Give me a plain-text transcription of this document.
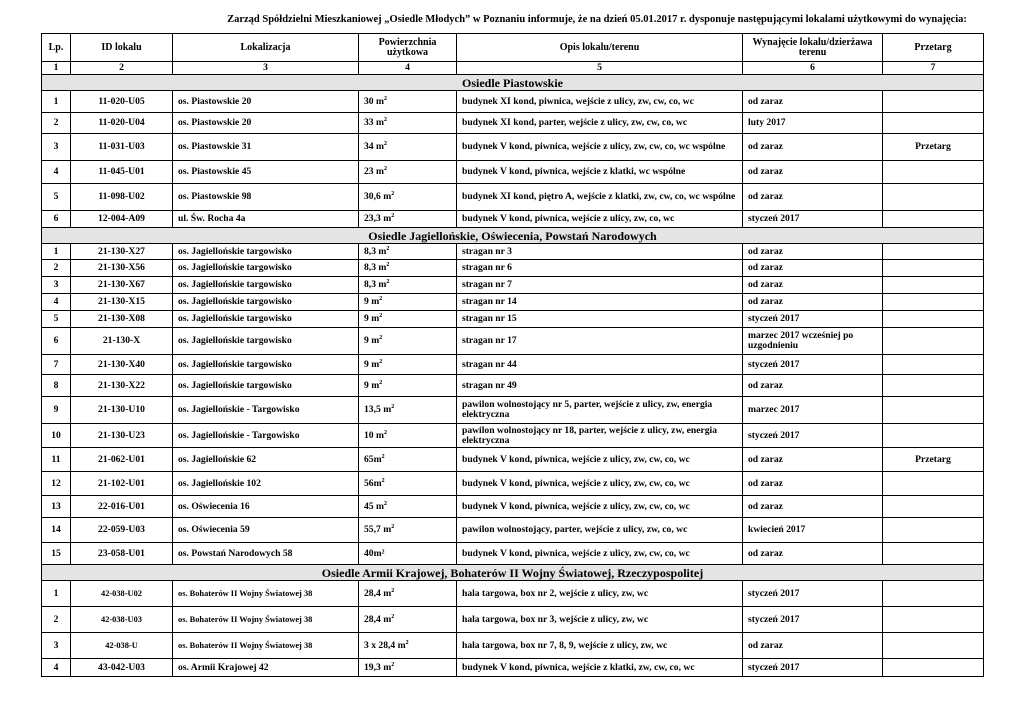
Zarząd Spółdzielni Mieszkaniowej „Osiedle Młodych” w Poznaniu informuje, że na dzień 05.01.2017 r. dysponuje następującymi lokalami użytkowymi do wynajęcia:
Lp.	ID lokalu	Lokalizacja	Powierzchnia użytkowa	Opis lokalu/terenu	Wynajęcie lokalu/dzierżawa terenu	Przetarg
1	2	3	4	5	6	7
Osiedle Piastowskie						
1	11-020-U05	os. Piastowskie 20	30 $m^2$	budynek XI kond, piwnica, wejście z ulicy, zw, cw, co, wc	od zaraz	
2	11-020-U04	os. Piastowskie 20	33 $m^2$	budynek XI kond, parter, wejście z ulicy, zw, cw, co, wc	luty 2017	
3	11-031-U03	os. Piastowskie 31	34 $m^2$	budynek V kond, piwnica, wejście z ulicy, zw, cw, co, wc wspólne	od zaraz	Przetarg
4	11-045-U01	os. Piastowskie 45	23 $m^2$	budynek V kond, piwnica, wejście z klatki, wc wspólne	od zaraz	
5	11-098-U02	os. Piastowskie 98	30,6 $m^2$	budynek XI kond, piętro A, wejście z klatki, zw, cw, co, wc wspólne	od zaraz	
6	12-004-A09	ul. Św. Rocha 4a	23,3 $m^2$	budynek V kond, piwnica, wejście z ulicy, zw, co, wc	styczeń 2017	
Osiedle Jagiellońskie, Oświecenia, Powstań Narodowych						
1	21-130-X27	os. Jagiellońskie targowisko	8,3 $m^2$	stragan nr 3	od zaraz	
2	21-130-X56	os. Jagiellońskie targowisko	8,3 $m^2$	stragan nr 6	od zaraz	
3	21-130-X67	os. Jagiellońskie targowisko	8,3 $m^2$	stragan nr 7	od zaraz	
4	21-130-X15	os. Jagiellońskie targowisko	9 $m^2$	stragan nr 14	od zaraz	
5	21-130-X08	os. Jagiellońskie targowisko	9 $m^2$	stragan nr 15	styczeń 2017	
6	21-130-X	os. Jagiellońskie targowisko	9 $m^2$	stragan nr 17	marzec 2017 wcześniej po uzgodnieniu	
7	21-130-X40	os. Jagiellońskie targowisko	9 $m^2$	stragan nr 44	styczeń 2017	
8	21-130-X22	os. Jagiellońskie targowisko	9 $m^2$	stragan nr 49	od zaraz	
9	21-130-U10	os. Jagiellońskie - Targowisko	13,5 $m^2$	pawilon wolnostojący nr 5, parter, wejście z ulicy, zw, energia elektryczna	marzec 2017	
10	21-130-U23	os. Jagiellońskie - Targowisko	10 $m^2$	pawilon wolnostojący nr 18, parter, wejście z ulicy, zw, energia elektryczna	styczeń 2017	
11	21-062-U01	os. Jagiellońskie 62	$65m^2$	budynek V kond, piwnica, wejście z ulicy, zw, cw, co, wc	od zaraz	Przetarg
12	21-102-U01	os. Jagiellońskie 102	$56m^2$	budynek V kond, piwnica, wejście z ulicy, zw, cw, co, wc	od zaraz	
13	22-016-U01	os. Oświecenia 16	45 $m^2$	budynek V kond, piwnica, wejście z ulicy, zw, cw, co, wc	od zaraz	
14	22-059-U03	os. Oświecenia 59	55,7 $m^2$	pawilon wolnostojący, parter, wejście z ulicy, zw, co, wc	kwiecień 2017	
15	23-058-U01	os. Powstań Narodowych 58	40m²	budynek V kond, piwnica, wejście z ulicy, zw, cw, co, wc	od zaraz	
Osiedle Armii Krajowej, Bohaterów II Wojny Światowej, Rzeczypospolitej						
1	42-038-U02	os. Bohaterów II Wojny Światowej 38	28,4 $m^2$	hala targowa, box nr 2, wejście z ulicy, zw, wc	styczeń 2017	
2	42-038-U03	os. Bohaterów II Wojny Światowej 38	28,4 $m^2$	hala targowa, box nr 3, wejście z ulicy, zw, wc	styczeń 2017	
3	42-038-U	os. Bohaterów II Wojny Światowej 38	3 x 28,4 $m^2$	hala targowa, box nr 7, 8, 9, wejście z ulicy, zw, wc	od zaraz	
4	43-042-U03	os. Armii Krajowej 42	19,3 $m^2$	budynek V kond, piwnica, wejście z klatki, zw, cw, co, wc	styczeń 2017	
